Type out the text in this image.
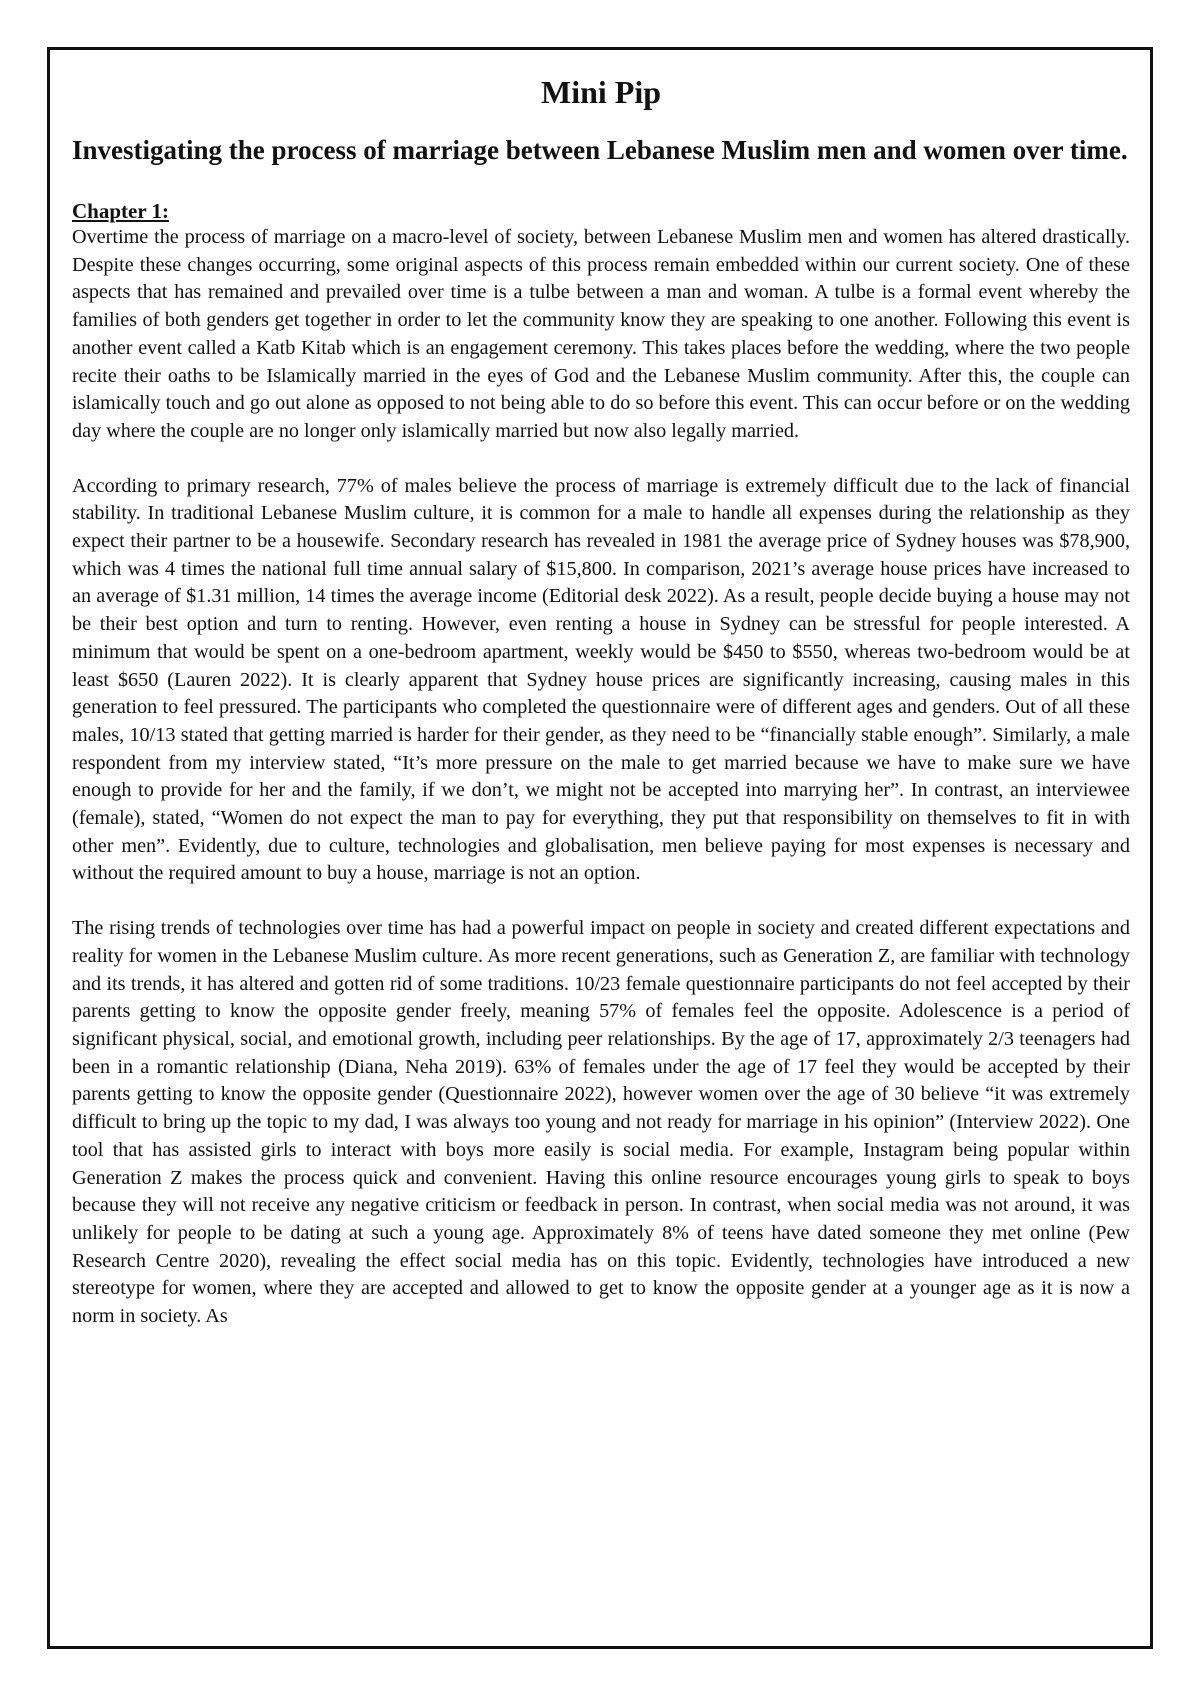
Mini Pip
Investigating the process of marriage between Lebanese Muslim men and women over time.
Chapter 1:

Overtime the process of marriage on a macro-level of society, between Lebanese Muslim men and women has altered drastically. Despite these changes occurring, some original aspects of this process remain embedded within our current society. One of these aspects that has remained and prevailed over time is a tulbe between a man and woman. A tulbe is a formal event whereby the families of both genders get together in order to let the community know they are speaking to one another. Following this event is another event called a Katb Kitab which is an engagement ceremony. This takes places before the wedding, where the two people recite their oaths to be Islamically married in the eyes of God and the Lebanese Muslim community. After this, the couple can islamically touch and go out alone as opposed to not being able to do so before this event. This can occur before or on the wedding day where the couple are no longer only islamically married but now also legally married.

According to primary research, 77% of males believe the process of marriage is extremely difficult due to the lack of financial stability. In traditional Lebanese Muslim culture, it is common for a male to handle all expenses during the relationship as they expect their partner to be a housewife. Secondary research has revealed in 1981 the average price of Sydney houses was $78,900, which was 4 times the national full time annual salary of $15,800. In comparison, 2021’s average house prices have increased to an average of $1.31 million, 14 times the average income (Editorial desk 2022). As a result, people decide buying a house may not be their best option and turn to renting. However, even renting a house in Sydney can be stressful for people interested. A minimum that would be spent on a one-bedroom apartment, weekly would be $450 to $550, whereas two-bedroom would be at least $650 (Lauren 2022). It is clearly apparent that Sydney house prices are significantly increasing, causing males in this generation to feel pressured. The participants who completed the questionnaire were of different ages and genders. Out of all these males, 10/13 stated that getting married is harder for their gender, as they need to be “financially stable enough”. Similarly, a male respondent from my interview stated, “It’s more pressure on the male to get married because we have to make sure we have enough to provide for her and the family, if we don’t, we might not be accepted into marrying her”. In contrast, an interviewee (female), stated, “Women do not expect the man to pay for everything, they put that responsibility on themselves to fit in with other men”. Evidently, due to culture, technologies and globalisation, men believe paying for most expenses is necessary and without the required amount to buy a house, marriage is not an option.

The rising trends of technologies over time has had a powerful impact on people in society and created different expectations and reality for women in the Lebanese Muslim culture. As more recent generations, such as Generation Z, are familiar with technology and its trends, it has altered and gotten rid of some traditions. 10/23 female questionnaire participants do not feel accepted by their parents getting to know the opposite gender freely, meaning 57% of females feel the opposite. Adolescence is a period of significant physical, social, and emotional growth, including peer relationships. By the age of 17, approximately 2/3 teenagers had been in a romantic relationship (Diana, Neha 2019). 63% of females under the age of 17 feel they would be accepted by their parents getting to know the opposite gender (Questionnaire 2022), however women over the age of 30 believe “it was extremely difficult to bring up the topic to my dad, I was always too young and not ready for marriage in his opinion” (Interview 2022). One tool that has assisted girls to interact with boys more easily is social media. For example, Instagram being popular within Generation Z makes the process quick and convenient. Having this online resource encourages young girls to speak to boys because they will not receive any negative criticism or feedback in person. In contrast, when social media was not around, it was unlikely for people to be dating at such a young age. Approximately 8% of teens have dated someone they met online (Pew Research Centre 2020), revealing the effect social media has on this topic. Evidently, technologies have introduced a new stereotype for women, where they are accepted and allowed to get to know the opposite gender at a younger age as it is now a norm in society. As
